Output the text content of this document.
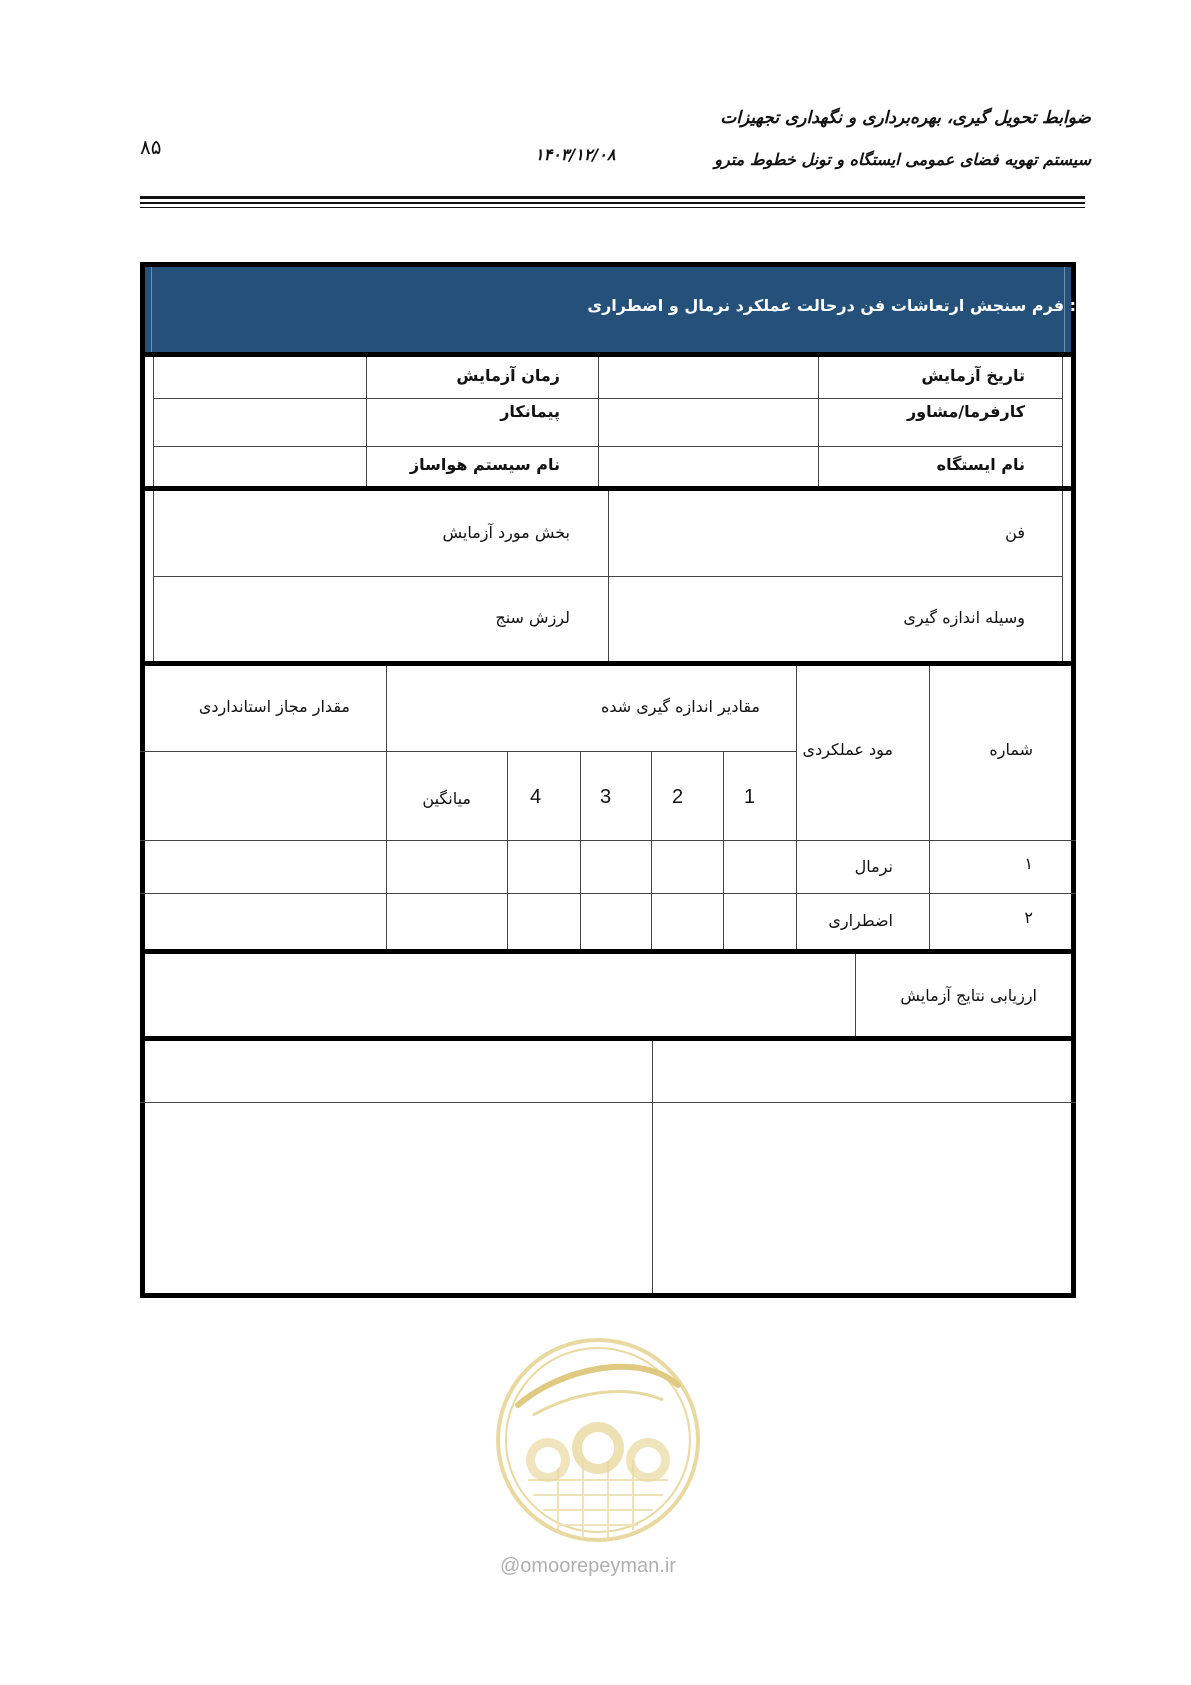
ضوابط تحویل گیری، بهره‌برداری و نگهداری تجهیزات
سیستم تهویه فضای عمومی ایستگاه و تونل خطوط مترو
۱۴۰۳/۱۲/۰۸
۸۵
جدول ۴: فرم سنجش ارتعاشات فن درحالت عملکرد نرمال و اضطراری
تاریخ آزمایش
زمان آزمایش
کارفرما/مشاور
پیمانکار
نام ایستگاه
نام سیستم هواساز
فن
بخش مورد آزمایش
وسیله اندازه گیری
لرزش سنج
شماره
مود عملکردی
مقادیر اندازه گیری شده
مقدار مجاز استانداردی
1
2
3
4
میانگین
۱
نرمال
۲
اضطراری
ارزیابی نتایج آزمایش
@omoorepeyman.ir
